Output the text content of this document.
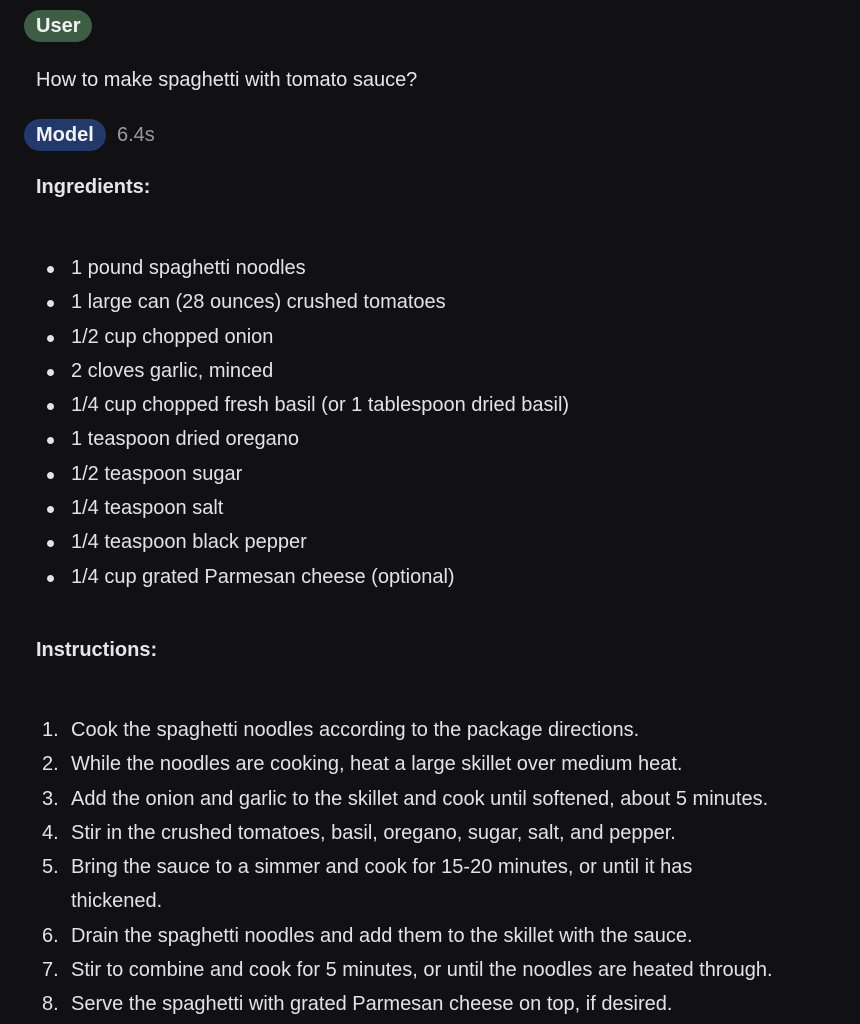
User
How to make spaghetti with tomato sauce?
Model	6.4s
Ingredients:
1 pound spaghetti noodles
1 large can (28 ounces) crushed tomatoes
1/2 cup chopped onion
2 cloves garlic, minced
1/4 cup chopped fresh basil (or 1 tablespoon dried basil)
1 teaspoon dried oregano
1/2 teaspoon sugar
1/4 teaspoon salt
1/4 teaspoon black pepper
1/4 cup grated Parmesan cheese (optional)
Instructions:
1. Cook the spaghetti noodles according to the package directions.
2. While the noodles are cooking, heat a large skillet over medium heat.
3. Add the onion and garlic to the skillet and cook until softened, about 5 minutes.
4. Stir in the crushed tomatoes, basil, oregano, sugar, salt, and pepper.
5. Bring the sauce to a simmer and cook for 15-20 minutes, or until it has thickened.
6. Drain the spaghetti noodles and add them to the skillet with the sauce.
7. Stir to combine and cook for 5 minutes, or until the noodles are heated through.
8. Serve the spaghetti with grated Parmesan cheese on top, if desired.
